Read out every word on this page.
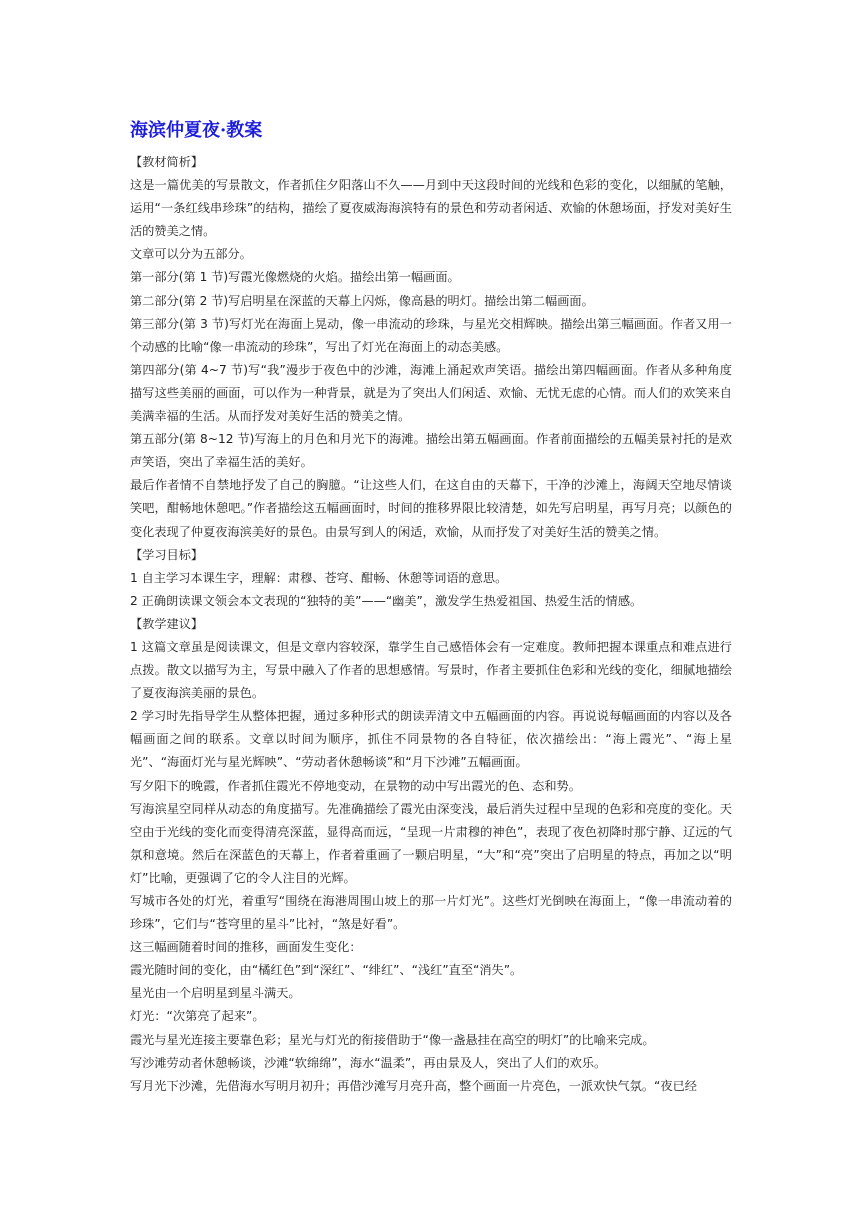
海滨仲夏夜·教案

【教材简析】

这是一篇优美的写景散文，作者抓住夕阳落山不久——月到中天这段时间的光线和色彩的变化，以细腻的笔触，运用“一条红线串珍珠”的结构，描绘了夏夜威海海滨特有的景色和劳动者闲适、欢愉的休憩场面，抒发对美好生活的赞美之情。

文章可以分为五部分。

第一部分(第 1 节)写霞光像燃烧的火焰。描绘出第一幅画面。

第二部分(第 2 节)写启明星在深蓝的天幕上闪烁，像高悬的明灯。描绘出第二幅画面。

第三部分(第 3 节)写灯光在海面上晃动，像一串流动的珍珠，与星光交相辉映。描绘出第三幅画面。作者又用一个动感的比喻“像一串流动的珍珠”，写出了灯光在海面上的动态美感。

第四部分(第 4~7 节)写“我”漫步于夜色中的沙滩，海滩上涌起欢声笑语。描绘出第四幅画面。作者从多种角度描写这些美丽的画面，可以作为一种背景，就是为了突出人们闲适、欢愉、无忧无虑的心情。而人们的欢笑来自美满幸福的生活。从而抒发对美好生活的赞美之情。

第五部分(第 8~12 节)写海上的月色和月光下的海滩。描绘出第五幅画面。作者前面描绘的五幅美景衬托的是欢声笑语，突出了幸福生活的美好。

最后作者情不自禁地抒发了自己的胸臆。“让这些人们，在这自由的天幕下，干净的沙滩上，海阔天空地尽情谈笑吧，酣畅地休憩吧。”作者描绘这五幅画面时，时间的推移界限比较清楚，如先写启明星，再写月亮；以颜色的变化表现了仲夏夜海滨美好的景色。由景写到人的闲适，欢愉，从而抒发了对美好生活的赞美之情。

【学习目标】

1 自主学习本课生字，理解：肃穆、苍穹、酣畅、休憩等词语的意思。

2 正确朗读课文领会本文表现的“独特的美”——“幽美”，激发学生热爱祖国、热爱生活的情感。

【教学建议】

1 这篇文章虽是阅读课文，但是文章内容较深，靠学生自己感悟体会有一定难度。教师把握本课重点和难点进行点拨。散文以描写为主，写景中融入了作者的思想感情。写景时，作者主要抓住色彩和光线的变化，细腻地描绘了夏夜海滨美丽的景色。

2 学习时先指导学生从整体把握，通过多种形式的朗读弄清文中五幅画面的内容。再说说每幅画面的内容以及各幅画面之间的联系。文章以时间为顺序，抓住不同景物的各自特征，依次描绘出：“海上霞光”、“海上星光”、“海面灯光与星光辉映”、“劳动者休憩畅谈”和“月下沙滩”五幅画面。

写夕阳下的晚霞，作者抓住霞光不停地变动，在景物的动中写出霞光的色、态和势。

写海滨星空同样从动态的角度描写。先准确描绘了霞光由深变浅，最后消失过程中呈现的色彩和亮度的变化。天空由于光线的变化而变得清亮深蓝，显得高而远，“呈现一片肃穆的神色”，表现了夜色初降时那宁静、辽远的气氛和意境。然后在深蓝色的天幕上，作者着重画了一颗启明星，“大”和“亮”突出了启明星的特点，再加之以“明灯”比喻，更强调了它的令人注目的光辉。

写城市各处的灯光，着重写“围绕在海港周围山坡上的那一片灯光”。这些灯光倒映在海面上，“像一串流动着的珍珠”，它们与“苍穹里的星斗”比衬，“煞是好看”。

这三幅画随着时间的推移，画面发生变化：

霞光随时间的变化，由“橘红色”到“深红”、“绯红”、“浅红”直至“消失”。

星光由一个启明星到星斗满天。

灯光：“次第亮了起来”。

霞光与星光连接主要靠色彩；星光与灯光的衔接借助于“像一盏悬挂在高空的明灯”的比喻来完成。

写沙滩劳动者休憩畅谈，沙滩“软绵绵”，海水“温柔”，再由景及人，突出了人们的欢乐。

写月光下沙滩，先借海水写明月初升；再借沙滩写月亮升高，整个画面一片亮色，一派欢快气氛。“夜已经
